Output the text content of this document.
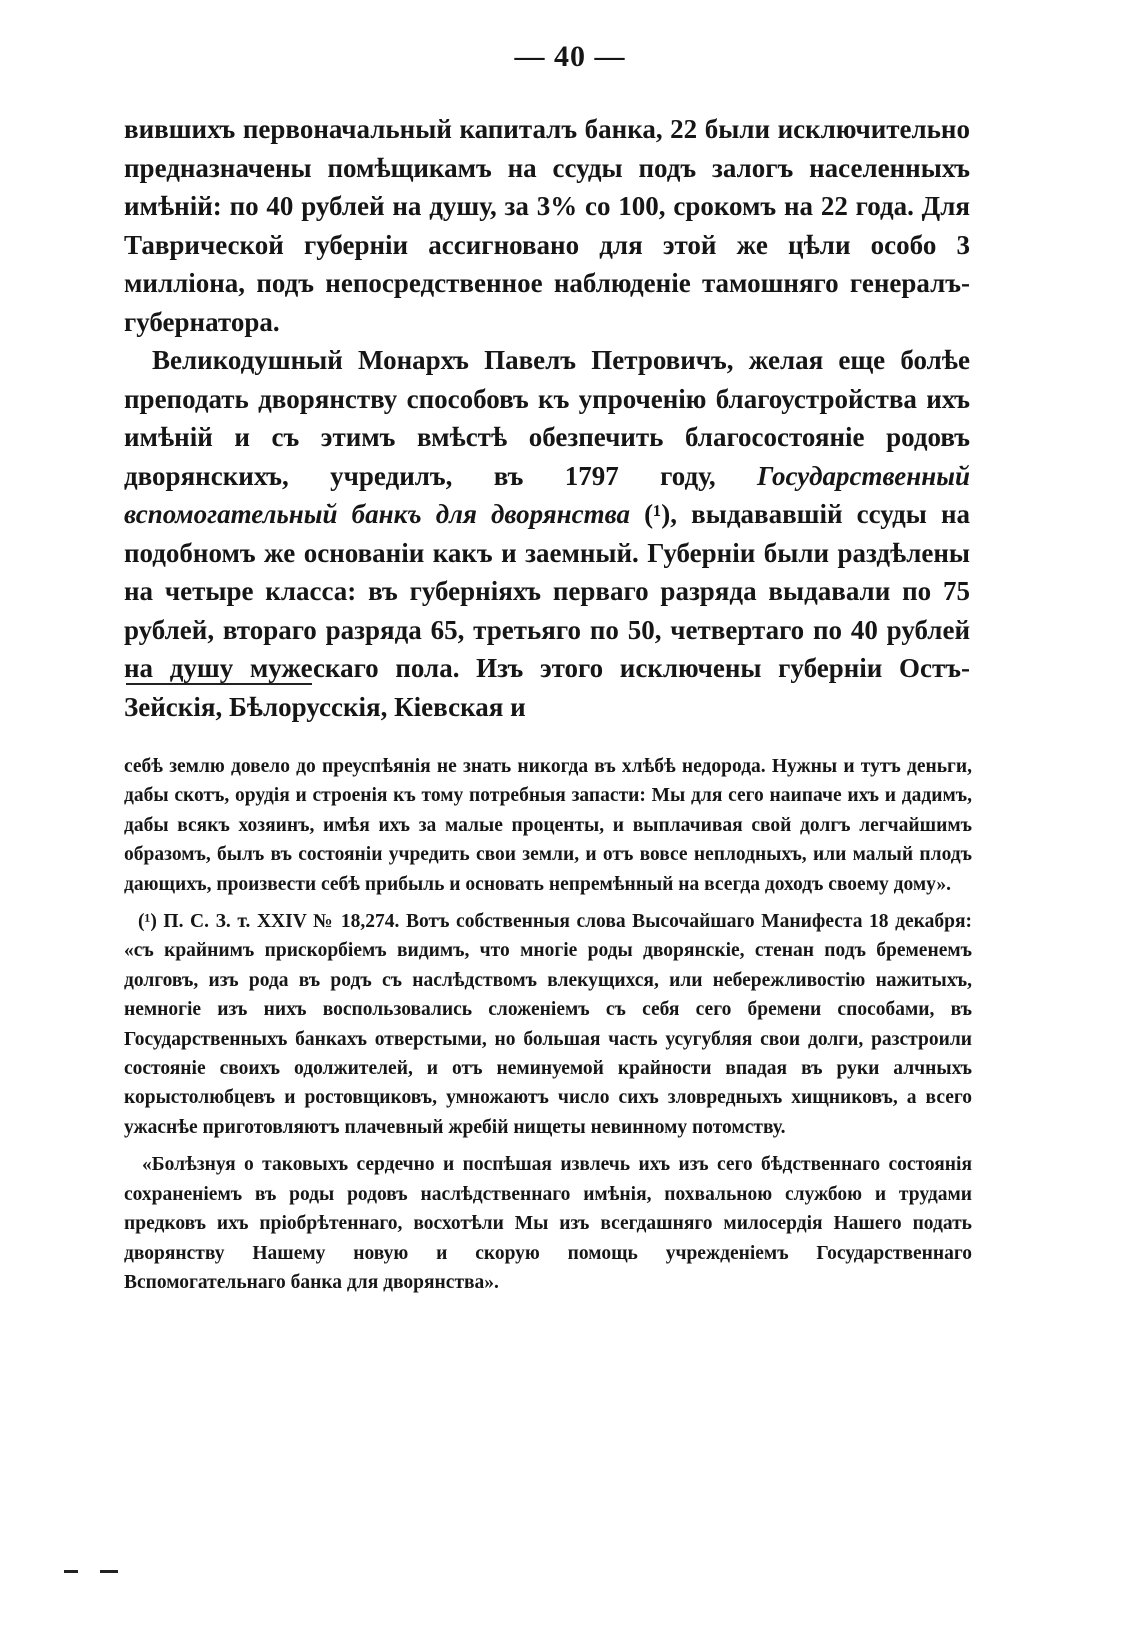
— 40 —

вившихъ первоначальный капиталъ банка, 22 были исключительно предназначены помѣщикамъ на ссуды подъ залогъ населенныхъ имѣній: по 40 рублей на душу, за 3% со 100, срокомъ на 22 года. Для Таврической губерніи ассигновано для этой же цѣли особо 3 милліона, подъ непосредственное наблюденіе тамошняго генералъ-губернатора.

Великодушный Монархъ Павелъ Петровичъ, желая еще болѣе преподать дворянству способовъ къ упроченію благоустройства ихъ имѣній и съ этимъ вмѣстѣ обезпечить благосостояніе родовъ дворянскихъ, учредилъ, въ 1797 году, Государственный вспомогательный банкъ для дворянства (¹), выдававшій ссуды на подобномъ же основаніи какъ и заемный. Губерніи были раздѣлены на четыре класса: въ губерніяхъ перваго разряда выдавали по 75 рублей, втораго разряда 65, третьяго по 50, четвертаго по 40 рублей на душу мужескаго пола. Изъ этого исключены губерніи Остъ-Зейскія, Бѣлорусскія, Кіевская и

себѣ землю довело до преуспѣянія не знать никогда въ хлѣбѣ недорода. Нужны и тутъ деньги, дабы скотъ, орудія и строенія къ тому потребныя запасти: Мы для сего наипаче ихъ и дадимъ, дабы всякъ хозяинъ, имѣя ихъ за малые проценты, и выплачивая свой долгъ легчайшимъ образомъ, былъ въ состояніи учредить свои земли, и отъ вовсе неплодныхъ, или малый плодъ дающихъ, произвести себѣ прибыль и основать непремѣнный на всегда доходъ своему дому».

(¹) П. С. З. т. XXIV № 18,274. Вотъ собственныя слова Высочайшаго Манифеста 18 декабря: «съ крайнимъ прискорбіемъ видимъ, что многіе роды дворянскіе, стенан подъ бременемъ долговъ, изъ рода въ родъ съ наслѣдствомъ влекущихся, или небережливостію нажитыхъ, немногіе изъ нихъ воспользовались сложеніемъ съ себя сего бремени способами, въ Государственныхъ банкахъ отверстыми, но большая часть усугубляя свои долги, разстроили состояніе своихъ одолжителей, и отъ неминуемой крайности впадая въ руки алчныхъ корыстолюбцевъ и ростовщиковъ, умножаютъ число сихъ зловредныхъ хищниковъ, а всего ужаснѣе приготовляютъ плачевный жребій нищеты невинному потомству.

«Болѣзнуя о таковыхъ сердечно и поспѣшая извлечь ихъ изъ сего бѣдственнаго состоянія сохраненіемъ въ роды родовъ наслѣдственнаго имѣнія, похвальною службою и трудами предковъ ихъ пріобрѣтеннаго, восхотѣли Мы изъ всегдашняго милосердія Нашего подать дворянству Нашему новую и скорую помощь учрежденіемъ Государственнаго Вспомогательнаго банка для дворянства».
